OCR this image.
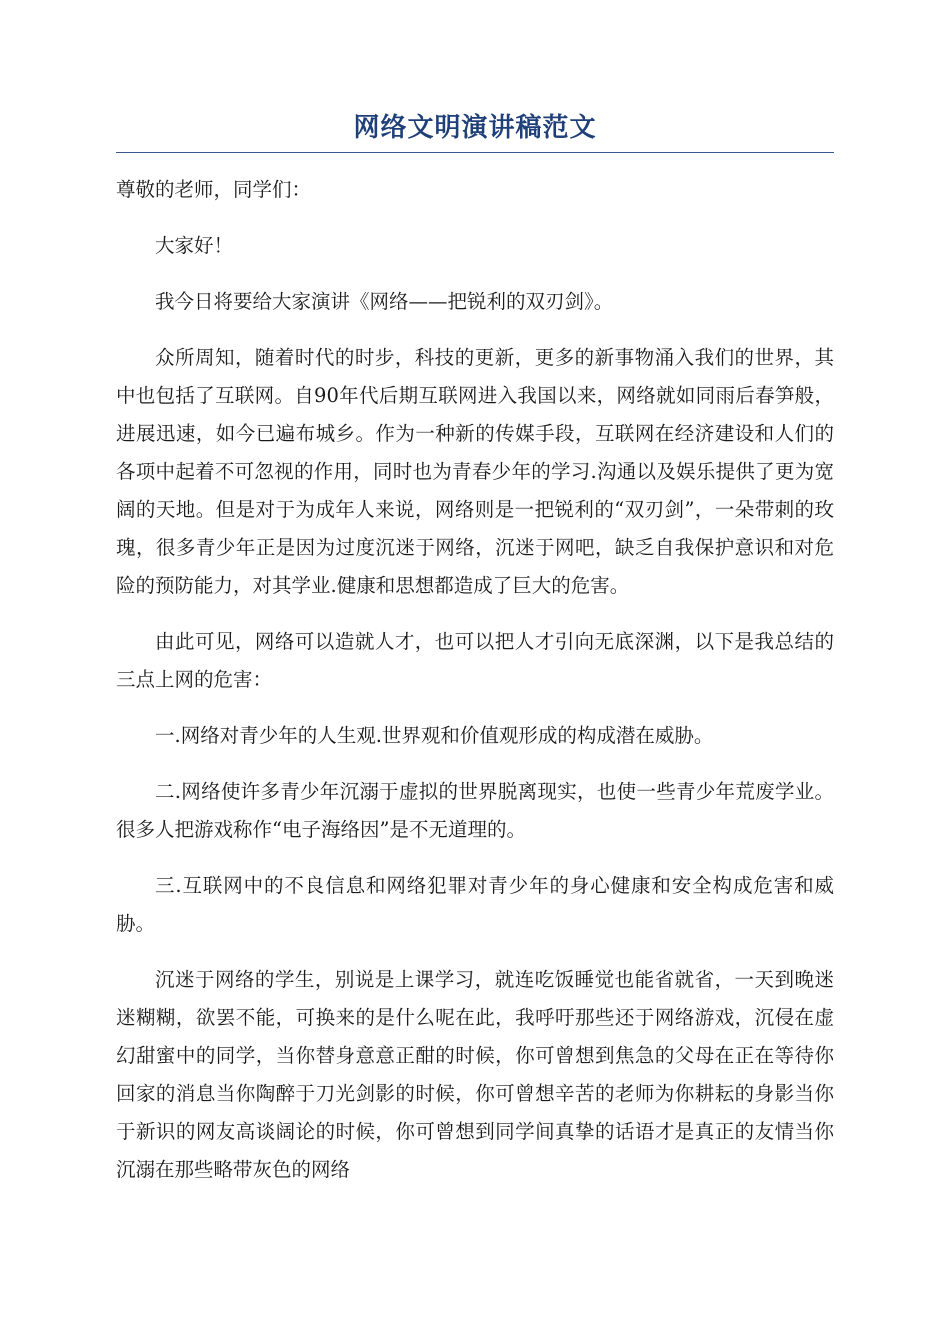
网络文明演讲稿范文

尊敬的老师，同学们：

大家好！

我今日将要给大家演讲《网络——把锐利的双刃剑》。

众所周知，随着时代的时步，科技的更新，更多的新事物涌入我们的世界，其中也包括了互联网。自90年代后期互联网进入我国以来，网络就如同雨后春笋般，进展迅速，如今已遍布城乡。作为一种新的传媒手段，互联网在经济建设和人们的各项中起着不可忽视的作用，同时也为青春少年的学习.沟通以及娱乐提供了更为宽阔的天地。但是对于为成年人来说，网络则是一把锐利的“双刃剑”，一朵带刺的玫瑰，很多青少年正是因为过度沉迷于网络，沉迷于网吧，缺乏自我保护意识和对危险的预防能力，对其学业.健康和思想都造成了巨大的危害。

由此可见，网络可以造就人才，也可以把人才引向无底深渊，以下是我总结的三点上网的危害：

一.网络对青少年的人生观.世界观和价值观形成的构成潜在威胁。

二.网络使许多青少年沉溺于虚拟的世界脱离现实，也使一些青少年荒废学业。很多人把游戏称作“电子海络因”是不无道理的。

三.互联网中的不良信息和网络犯罪对青少年的身心健康和安全构成危害和威胁。

沉迷于网络的学生，别说是上课学习，就连吃饭睡觉也能省就省，一天到晚迷迷糊糊，欲罢不能，可换来的是什么呢在此，我呼吁那些还于网络游戏，沉侵在虚幻甜蜜中的同学，当你替身意意正酣的时候，你可曾想到焦急的父母在正在等待你回家的消息当你陶醉于刀光剑影的时候，你可曾想辛苦的老师为你耕耘的身影当你于新识的网友高谈阔论的时候，你可曾想到同学间真挚的话语才是真正的友情当你沉溺在那些略带灰色的网络
